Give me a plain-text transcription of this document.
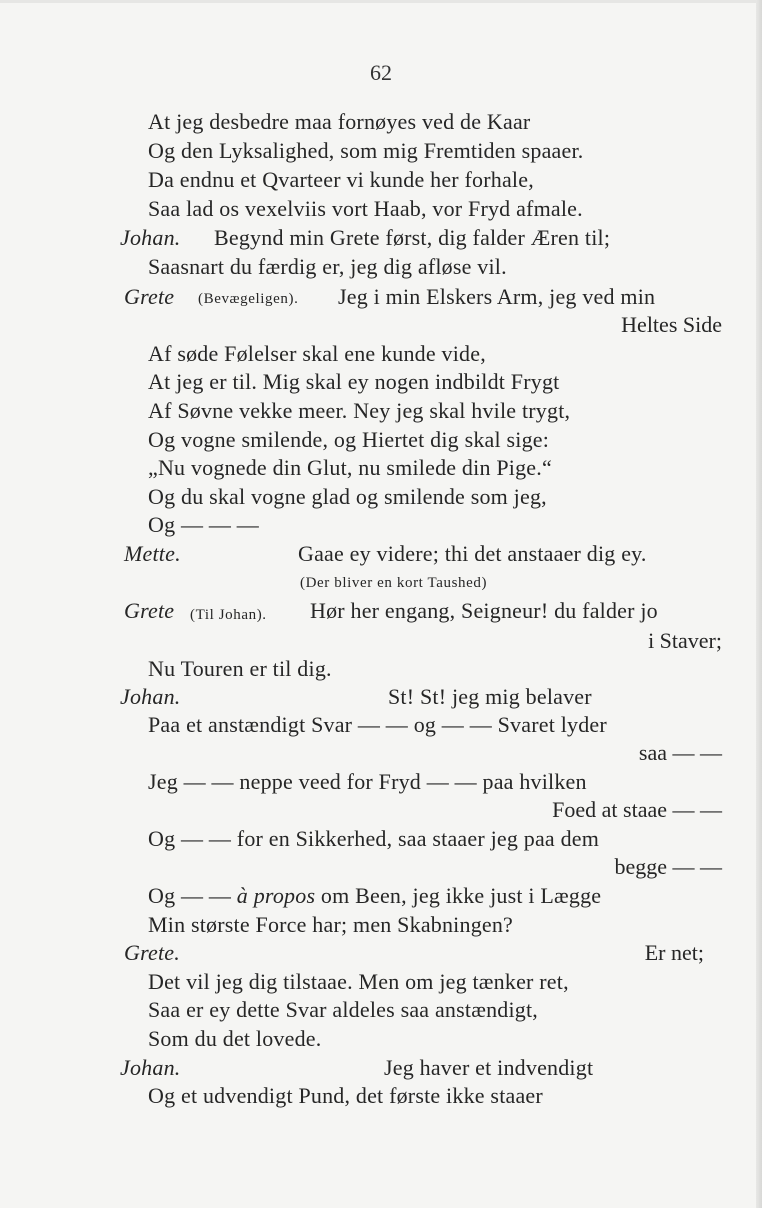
62
At jeg desbedre maa fornøyes ved de Kaar
Og den Lyksalighed, som mig Fremtiden spaaer.
Da endnu et Qvarteer vi kunde her forhale,
Saa lad os vexelviis vort Haab, vor Fryd afmale.
Johan. Begynd min Grete først, dig falder Æren til;
Saasnart du færdig er, jeg dig afløse vil.
Grete (Bevægeligen). Jeg i min Elskers Arm, jeg ved min
Heltes Side
Af søde Følelser skal ene kunde vide,
At jeg er til. Mig skal ey nogen indbildt Frygt
Af Søvne vekke meer. Ney jeg skal hvile trygt,
Og vogne smilende, og Hiertet dig skal sige:
„Nu vognede din Glut, nu smilede din Pige.“
Og du skal vogne glad og smilende som jeg,
Og — — —
Mette.	Gaae ey videre; thi det anstaaer dig ey.
(Der bliver en kort Taushed)
Grete (Til Johan). Hør her engang, Seigneur! du falder jo
i Staver;
Nu Touren er til dig.
Johan.	St! St! jeg mig belaver
Paa et anstændigt Svar — — og — — Svaret lyder
saa — —
Jeg — — neppe veed for Fryd — — paa hvilken
Foed at staae — —
Og — — for en Sikkerhed, saa staaer jeg paa dem
begge — —
Og — — à propos om Been, jeg ikke just i Lægge
Min største Force har; men Skabningen?
Grete.	Er net;
Det vil jeg dig tilstaae. Men om jeg tænker ret,
Saa er ey dette Svar aldeles saa anstændigt,
Som du det lovede.
Johan.	Jeg haver et indvendigt
Og et udvendigt Pund, det første ikke staaer
